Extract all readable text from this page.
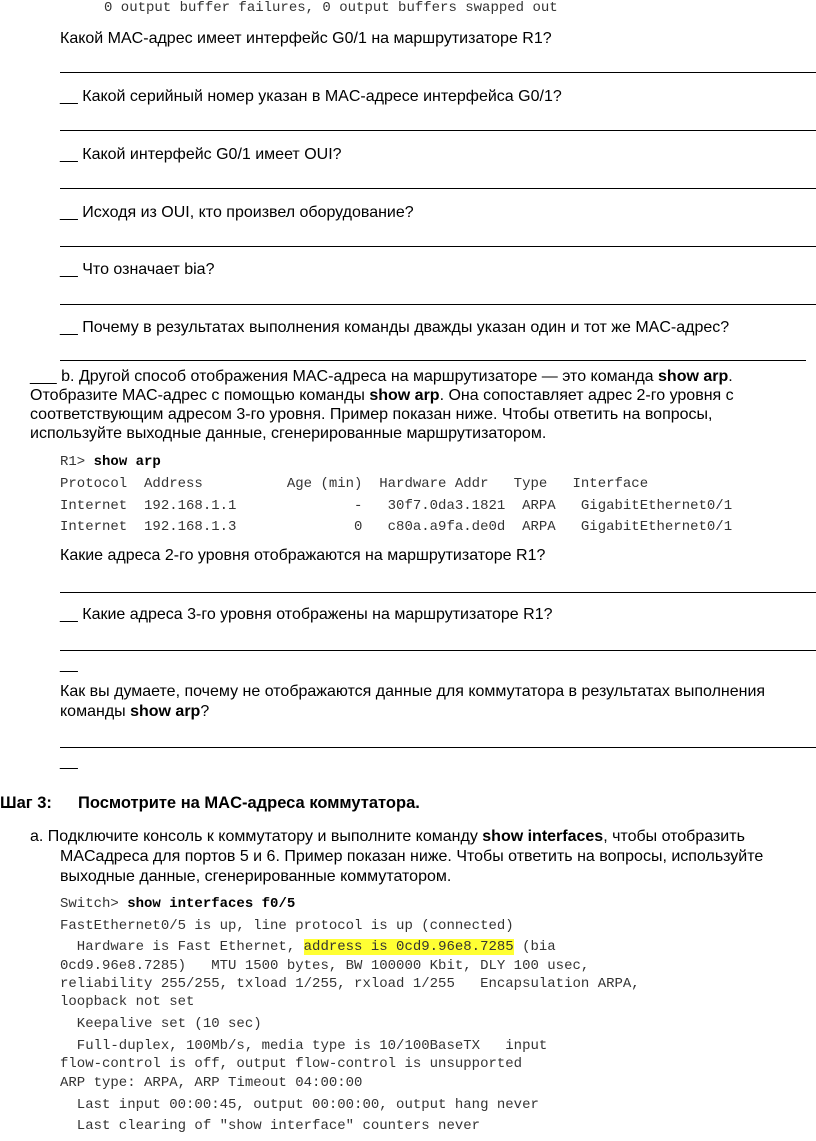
0 output buffer failures, 0 output buffers swapped out
Какой MAC-адрес имеет интерфейс G0/1 на маршрутизаторе R1?
__ Какой серийный номер указан в MAC-адресе интерфейса G0/1?
__ Какой интерфейс G0/1 имеет OUI?
__ Исходя из OUI, кто произвел оборудование?
__ Что означает bia?
__ Почему в результатах выполнения команды дважды указан один и тот же MAC-адрес?
___ b. Другой способ отображения MAC-адреса на маршрутизаторе — это команда show arp.
Отобразите MAC-адрес с помощью команды show arp. Она сопоставляет адрес 2-го уровня с
соответствующим адресом 3-го уровня. Пример показан ниже. Чтобы ответить на вопросы,
используйте выходные данные, сгенерированные маршрутизатором.
R1> show arp
Protocol  Address          Age (min)  Hardware Addr   Type   Interface
Internet  192.168.1.1              -   30f7.0da3.1821  ARPA   GigabitEthernet0/1
Internet  192.168.1.3              0   c80a.a9fa.de0d  ARPA   GigabitEthernet0/1
Какие адреса 2-го уровня отображаются на маршрутизаторе R1?
__ Какие адреса 3-го уровня отображены на маршрутизаторе R1?
__
Как вы думаете, почему не отображаются данные для коммутатора в результатах выполнения
команды show arp?
__
Шаг 3: Посмотрите на MAC-адреса коммутатора.
a. Подключите консоль к коммутатору и выполните команду show interfaces, чтобы отобразить
MACадреса для портов 5 и 6. Пример показан ниже. Чтобы ответить на вопросы, используйте
выходные данные, сгенерированные коммутатором.
Switch> show interfaces f0/5
FastEthernet0/5 is up, line protocol is up (connected)
Hardware is Fast Ethernet, address is 0cd9.96e8.7285 (bia
0cd9.96e8.7285)   MTU 1500 bytes, BW 100000 Kbit, DLY 100 usec,
reliability 255/255, txload 1/255, rxload 1/255   Encapsulation ARPA,
loopback not set
Keepalive set (10 sec)
Full-duplex, 100Mb/s, media type is 10/100BaseTX   input
flow-control is off, output flow-control is unsupported
ARP type: ARPA, ARP Timeout 04:00:00
Last input 00:00:45, output 00:00:00, output hang never
Last clearing of "show interface" counters never
